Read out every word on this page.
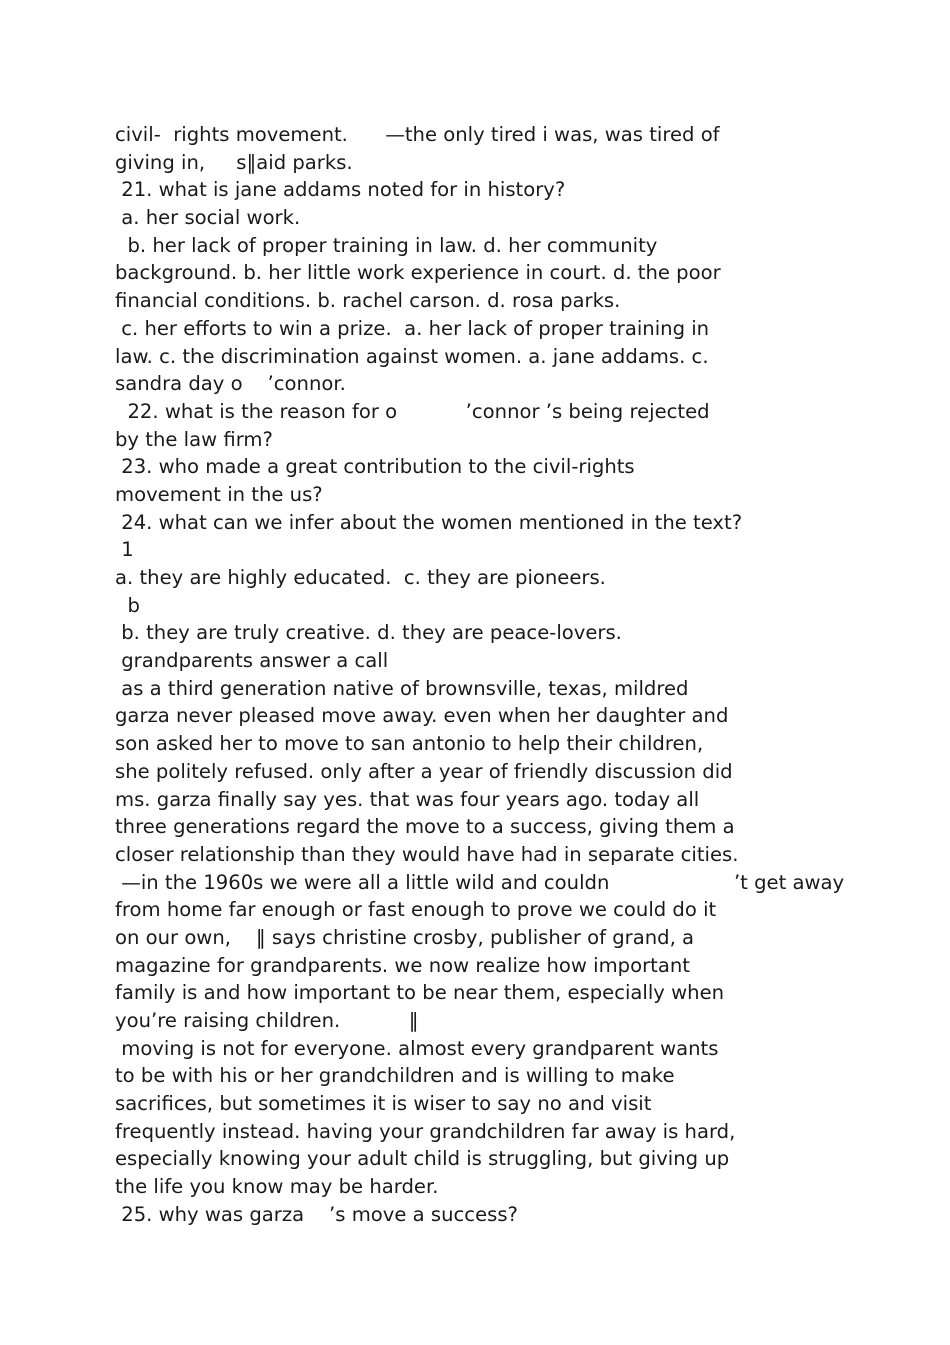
civil-  rights movement.      —the only tired i was, was tired of
giving in,     s‖aid parks.
21. what is jane addams noted for in history?
a. her social work.
b. her lack of proper training in law. d. her community
background. b. her little work experience in court. d. the poor
financial conditions. b. rachel carson. d. rosa parks.
c. her efforts to win a prize.  a. her lack of proper training in
law. c. the discrimination against women. a. jane addams. c.
sandra day o    ’connor.
22. what is the reason for o           ’connor ’s being rejected
by the law firm?
23. who made a great contribution to the civil-rights
movement in the us?
24. what can we infer about the women mentioned in the text?
1
a. they are highly educated.  c. they are pioneers.
b
b. they are truly creative. d. they are peace-lovers.
grandparents answer a call
as a third generation native of brownsville, texas, mildred
garza never pleased move away. even when her daughter and
son asked her to move to san antonio to help their children,
she politely refused. only after a year of friendly discussion did
ms. garza finally say yes. that was four years ago. today all
three generations regard the move to a success, giving them a
closer relationship than they would have had in separate cities.
—in the 1960s we were all a little wild and couldn                    ’t get away
from home far enough or fast enough to prove we could do it
on our own,    ‖ says christine crosby, publisher of grand, a
magazine for grandparents. we now realize how important
family is and how important to be near them, especially when
you’re raising children.           ‖
moving is not for everyone. almost every grandparent wants
to be with his or her grandchildren and is willing to make
sacrifices, but sometimes it is wiser to say no and visit
frequently instead. having your grandchildren far away is hard,
especially knowing your adult child is struggling, but giving up
the life you know may be harder.
25. why was garza    ’s move a success?
